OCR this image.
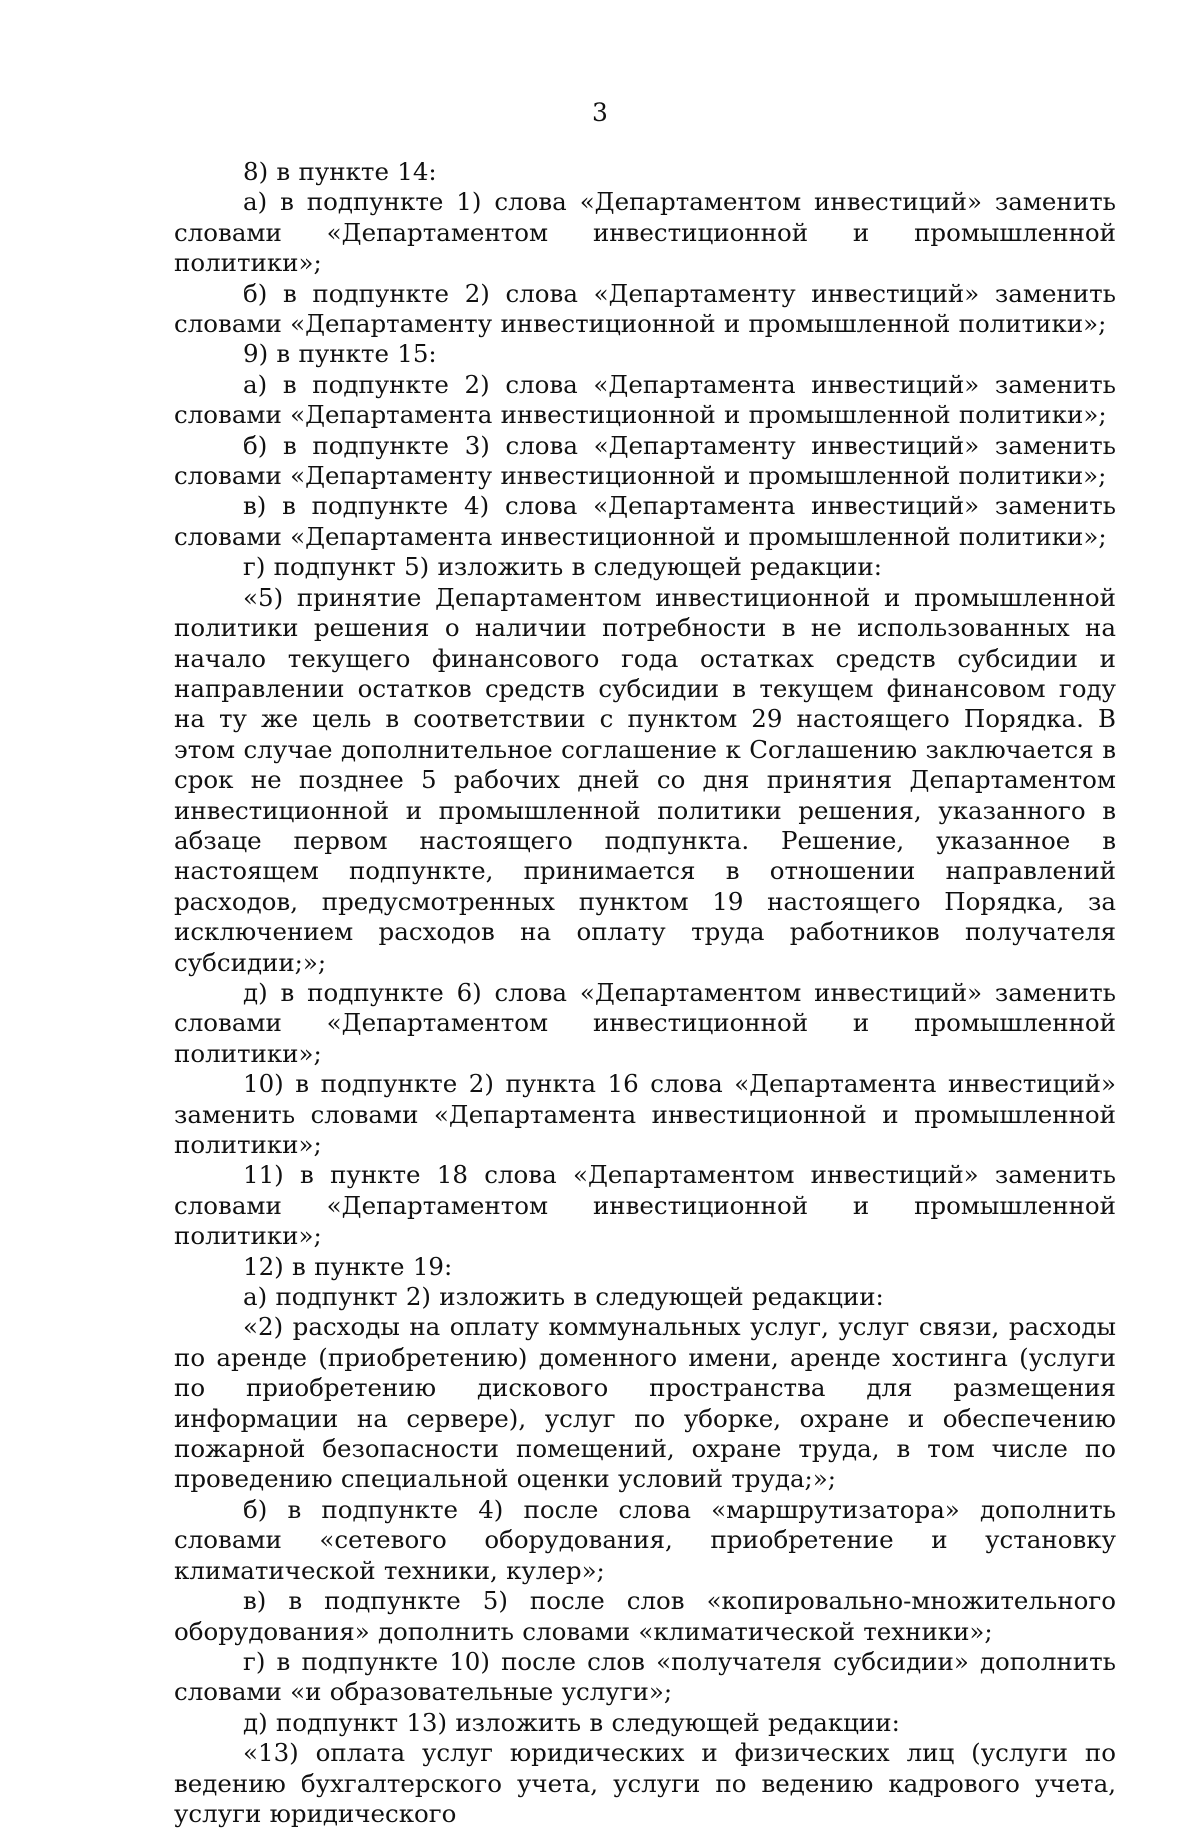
3

8) в пункте 14:

а) в подпункте 1) слова «Департаментом инвестиций» заменить словами «Департаментом инвестиционной и промышленной политики»;

б) в подпункте 2) слова «Департаменту инвестиций» заменить словами «Департаменту инвестиционной и промышленной политики»;

9) в пункте 15:

а) в подпункте 2) слова «Департамента инвестиций» заменить словами «Департамента инвестиционной и промышленной политики»;

б) в подпункте 3) слова «Департаменту инвестиций» заменить словами «Департаменту инвестиционной и промышленной политики»;

в) в подпункте 4) слова «Департамента инвестиций» заменить словами «Департамента инвестиционной и промышленной политики»;

г) подпункт 5) изложить в следующей редакции:

«5) принятие Департаментом инвестиционной и промышленной политики решения о наличии потребности в не использованных на начало текущего финансового года остатках средств субсидии и направлении остатков средств субсидии в текущем финансовом году на ту же цель в соответствии с пунктом 29 настоящего Порядка. В этом случае дополнительное соглашение к Соглашению заключается в срок не позднее 5 рабочих дней со дня принятия Департаментом инвестиционной и промышленной политики решения, указанного в абзаце первом настоящего подпункта. Решение, указанное в настоящем подпункте, принимается в отношении направлений расходов, предусмотренных пунктом 19 настоящего Порядка, за исключением расходов на оплату труда работников получателя субсидии;»;

д) в подпункте 6) слова «Департаментом инвестиций» заменить словами «Департаментом инвестиционной и промышленной политики»;

10) в подпункте 2) пункта 16 слова «Департамента инвестиций» заменить словами «Департамента инвестиционной и промышленной политики»;

11) в пункте 18 слова «Департаментом инвестиций» заменить словами «Департаментом инвестиционной и промышленной политики»;

12) в пункте 19:

а) подпункт 2) изложить в следующей редакции:

«2) расходы на оплату коммунальных услуг, услуг связи, расходы по аренде (приобретению) доменного имени, аренде хостинга (услуги по приобретению дискового пространства для размещения информации на сервере), услуг по уборке, охране и обеспечению пожарной безопасности помещений, охране труда, в том числе по проведению специальной оценки условий труда;»;

б) в подпункте 4) после слова «маршрутизатора» дополнить словами «сетевого оборудования, приобретение и установку климатической техники, кулер»;

в) в подпункте 5) после слов «копировально-множительного оборудования» дополнить словами «климатической техники»;

г) в подпункте 10) после слов «получателя субсидии» дополнить словами «и образовательные услуги»;

д) подпункт 13) изложить в следующей редакции:

«13) оплата услуг юридических и физических лиц (услуги по ведению бухгалтерского учета, услуги по ведению кадрового учета, услуги юридического
